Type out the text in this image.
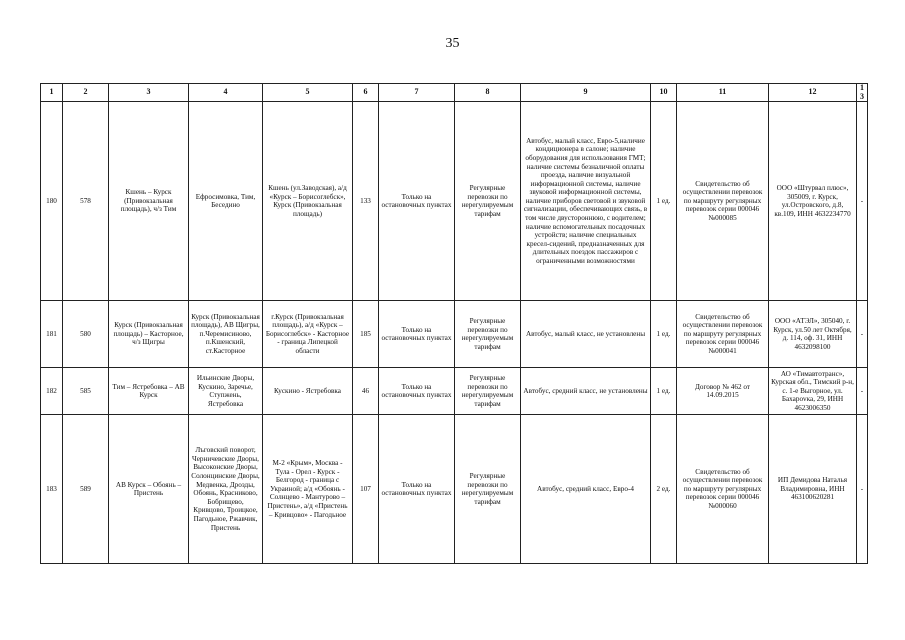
35
1	2	3	4	5	6	7	8	9	10	11	12	13
180	578	Кшень – Курск (Привокзальная площадь), ч/з Тим	Ефросимовка, Тим, Беседино	Кшень (ул.Заводская), а/д «Курск – Борисоглебск», Курск (Привокзальная площадь)	133	Только на остановочных пунктах	Регулярные перевозки по нерегулируемым тарифам	Автобус, малый класс, Евро-5,наличие кондиционера в салоне; наличие оборудования для использования ГМТ; наличие системы безналичной оплаты проезда, наличие визуальной информационной системы, наличие звуковой информационной системы, наличие приборов световой и звуковой сигнализации, обеспечивающих связь, в том числе двустороннюю, с водителем; наличие вспомогательных посадочных устройств; наличие специальных кресел-сидений, предназначенных для длительных поездок пассажиров с ограниченными возможностями	1 ед.	Свидетельство об осуществлении перевозок по маршруту регулярных перевозок серии 000046 №000085	ООО «Штурвал плюс», 305009, г. Курск, ул.Островского, д.8, кв.109, ИНН 4632234770	-
181	580	Курск (Привокзальная площадь) – Касторное, ч/з Щигры	Курск (Привокзальная площадь), АВ Щигры, п.Черемисиново, п.Кшенский, ст.Касторное	г.Курск (Привокзальная площадь), а/д «Курск – Борисоглебск» - Касторное - граница Липецкой области	185	Только на остановочных пунктах	Регулярные перевозки по нерегулируемым тарифам	Автобус, малый класс, не установлены	1 ед.	Свидетельство об осуществлении перевозок по маршруту регулярных перевозок серии 000046 №000041	ООО «АТЭЛ», 305040, г. Курск, ул.50 лет Октября, д. 114, оф. 31, ИНН 4632098100	-
182	585	Тим – Ястребовка – АВ Курск	Ильинские Дворы, Кускино, Заречье, Ступжень, Ястребовка	Кускино - Ястребовка	46	Только на остановочных пунктах	Регулярные перевозки по нерегулируемым тарифам	Автобус, средний класс, не установлены	1 ед.	Договор № 462 от 14.09.2015	АО «Тимавтотранс», Курская обл., Тимский р-н, с. 1-е Выгорное, ул. Бахарovка, 29, ИНН 4623006350	-
183	589	АВ Курск – Обоянь – Пристень	Лъговский поворот, Черничевские Дворы, Высоконские Дворы, Солонцинские Дворы, Медвенка, Дрозды, Обоянь, Красниково, Бобрищево, Кривцово, Троицкое, Пагодьное, Ржавчик, Пристень	М-2 «Крым», Москва - Тула - Орел - Курск - Белгород - граница с Украиной; а/д «Обоянь - Солнцево - Мантурово – Пристень», а/д «Пристень – Кривцово» - Пагодьное	107	Только на остановочных пунктах	Регулярные перевозки по нерегулируемым тарифам	Автобус, средний класс, Евро-4	2 ед.	Свидетельство об осуществлении перевозок по маршруту регулярных перевозок серии 000046 №000060	ИП Демидова Наталья Владимировна, ИНН 463100620281	-
